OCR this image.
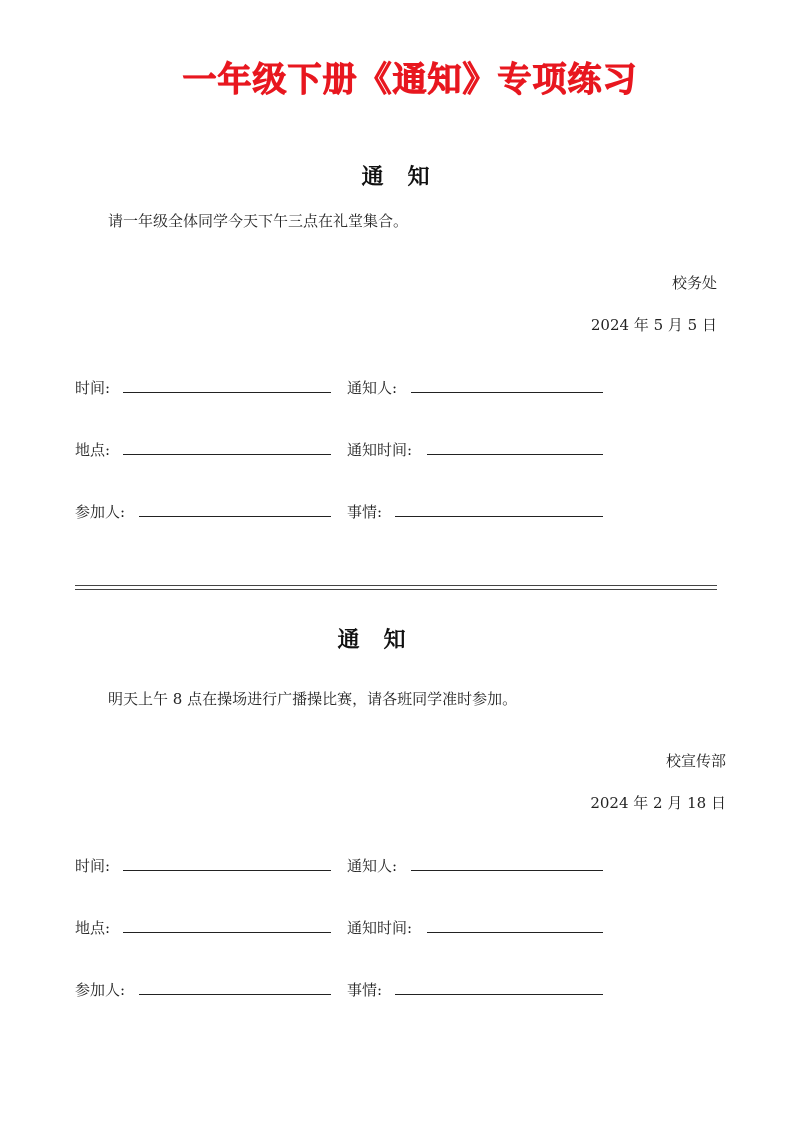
一年级下册《通知》专项练习
通 知
请一年级全体同学今天下午三点在礼堂集合。
校务处
2024 年 5 月 5 日
时间:	通知人:
地点:	通知时间:
参加人:	事情:
通 知
明天上午 8 点在操场进行广播操比赛，请各班同学准时参加。
校宣传部
2024 年 2 月 18 日
时间:	通知人:
地点:	通知时间:
参加人:	事情:
